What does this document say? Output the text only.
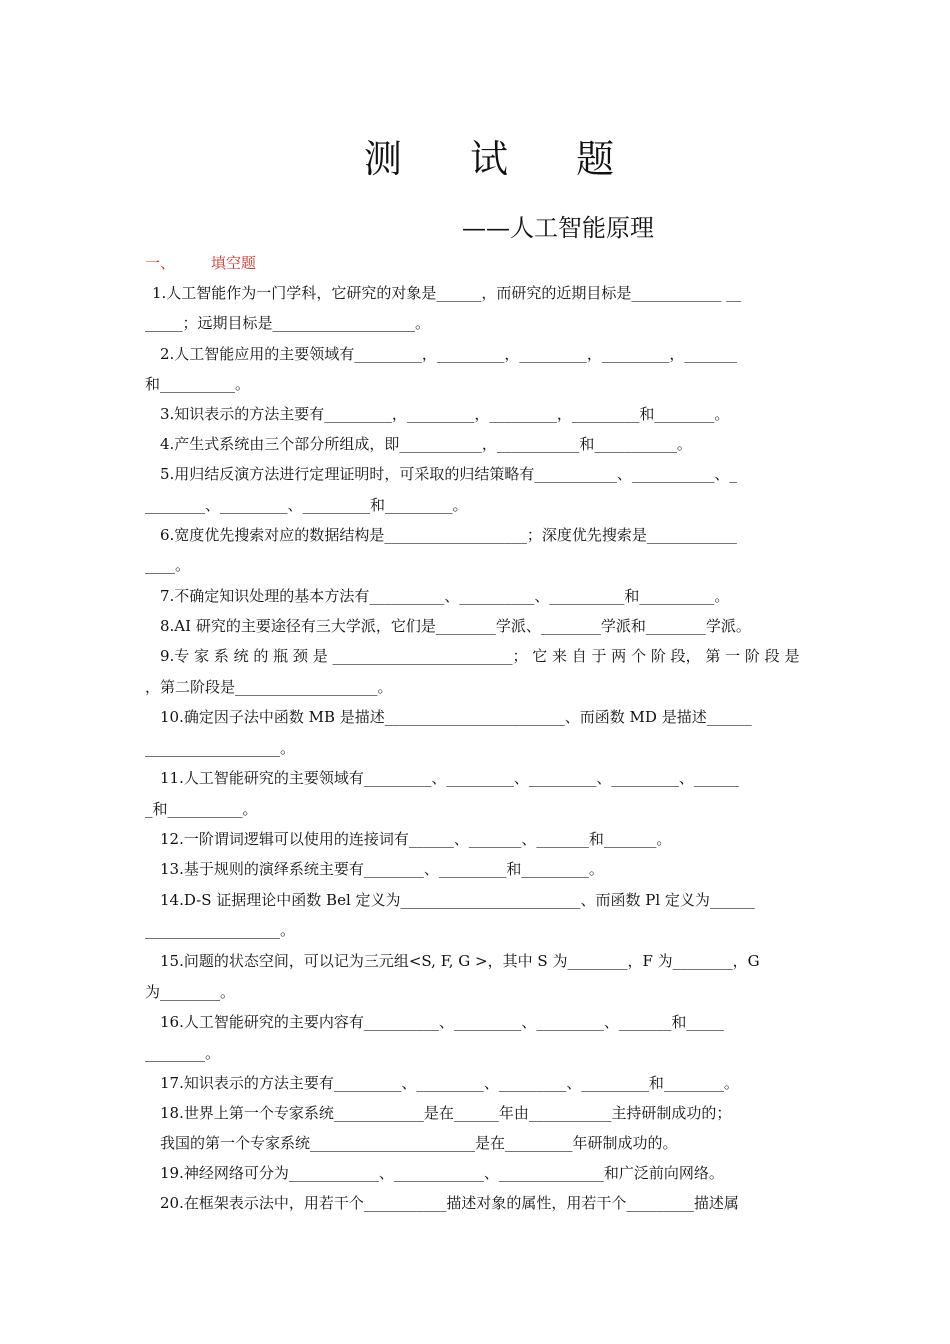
测 试 题
——人工智能原理
一、 填空题
1.人工智能作为一门学科，它研究的对象是______，而研究的近期目标是____________ __
_____；远期目标是___________________。
2.人工智能应用的主要领域有_________，_________，_________，_________，_______
和__________。
3.知识表示的方法主要有_________，_________，_________，_________和________。
4.产生式系统由三个部分所组成，即___________，___________和___________。
5.用归结反演方法进行定理证明时，可采取的归结策略有___________、___________、_
________、_________、_________和_________。
6.宽度优先搜索对应的数据结构是___________________；深度优先搜索是____________
____。
7.不确定知识处理的基本方法有__________、__________、__________和__________。
8.AI 研究的主要途径有三大学派，它们是________学派、________学派和________学派。
9.专 家 系 统 的 瓶 颈 是 ________________________； 它 来 自 于 两 个 阶 段， 第 一 阶 段 是
，第二阶段是___________________。
10.确定因子法中函数 MB 是描述________________________、而函数 MD 是描述______
__________________。
11.人工智能研究的主要领域有_________、_________、_________、_________、______
_和__________。
12.一阶谓词逻辑可以使用的连接词有______、_______、_______和_______。
13.基于规则的演绎系统主要有________、_________和_________。
14.D-S 证据理论中函数 Bel 定义为________________________、而函数 Pl 定义为______
__________________。
15.问题的状态空间，可以记为三元组<S, F, G >，其中 S 为________，F 为________，G
为________。
16.人工智能研究的主要内容有__________、_________、_________、_______和_____
________。
17.知识表示的方法主要有_________、_________、_________、_________和________。
18.世界上第一个专家系统____________是在______年由___________主持研制成功的；
我国的第一个专家系统______________________是在_________年研制成功的。
19.神经网络可分为____________、____________、______________和广泛前向网络。
20.在框架表示法中，用若干个___________描述对象的属性，用若干个_________描述属
